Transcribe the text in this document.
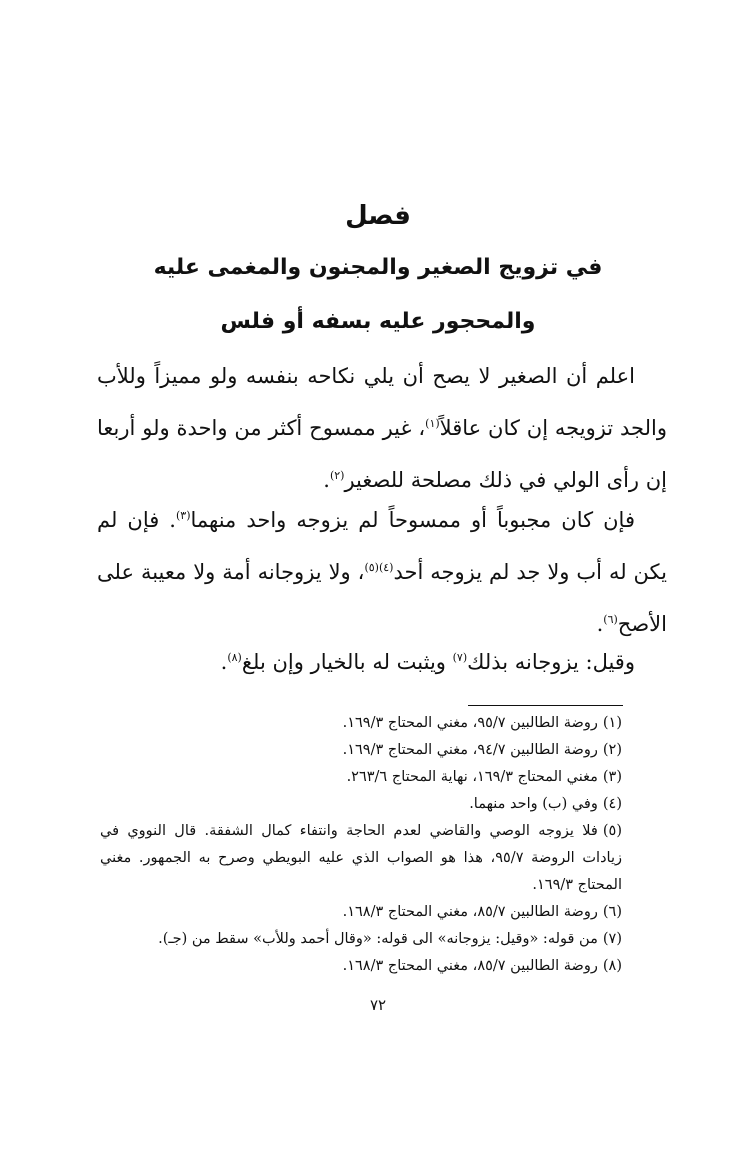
فصل
في تزويج الصغير والمجنون والمغمى عليه
والمحجور عليه بسفه أو فلس

اعلم أن الصغير لا يصح أن يلي نكاحه بنفسه ولو مميزاً وللأب والجد تزويجه إن كان عاقلاً$^{(١)}$، غير ممسوح أكثر من واحدة ولو أربعا إن رأى الولي في ذلك مصلحة للصغير$^{(٢)}$.

فإن كان مجبوباً أو ممسوحاً لم يزوجه واحد منهما$^{(٣)}$. فإن لم يكن له أب ولا جد لم يزوجه أحد$^{(٤)(٥)}$، ولا يزوجانه أمة ولا معيبة على الأصح$^{(٦)}$.

وقيل: يزوجانه بذلك$^{(٧)}$ ويثبت له بالخيار وإن بلغ$^{(٨)}$.

(١)روضة الطالبين ٩٥/٧، مغني المحتاج ١٦٩/٣.
(٢)روضة الطالبين ٩٤/٧، مغني المحتاج ١٦٩/٣.
(٣)مغني المحتاج ١٦٩/٣، نهاية المحتاج ٢٦٣/٦.
(٤)وفي (ب) واحد منهما.
(٥)فلا يزوجه الوصي والقاضي لعدم الحاجة وانتفاء كمال الشفقة. قال النووي في زيادات الروضة ٩٥/٧، هذا هو الصواب الذي عليه البويطي وصرح به الجمهور. مغني المحتاج ١٦٩/٣.
(٦)روضة الطالبين ٨٥/٧، مغني المحتاج ١٦٨/٣.
(٧)من قوله: «وقيل: يزوجانه» الى قوله: «وقال أحمد وللأب» سقط من (جـ).
(٨)روضة الطالبين ٨٥/٧، مغني المحتاج ١٦٨/٣.

٧٢
